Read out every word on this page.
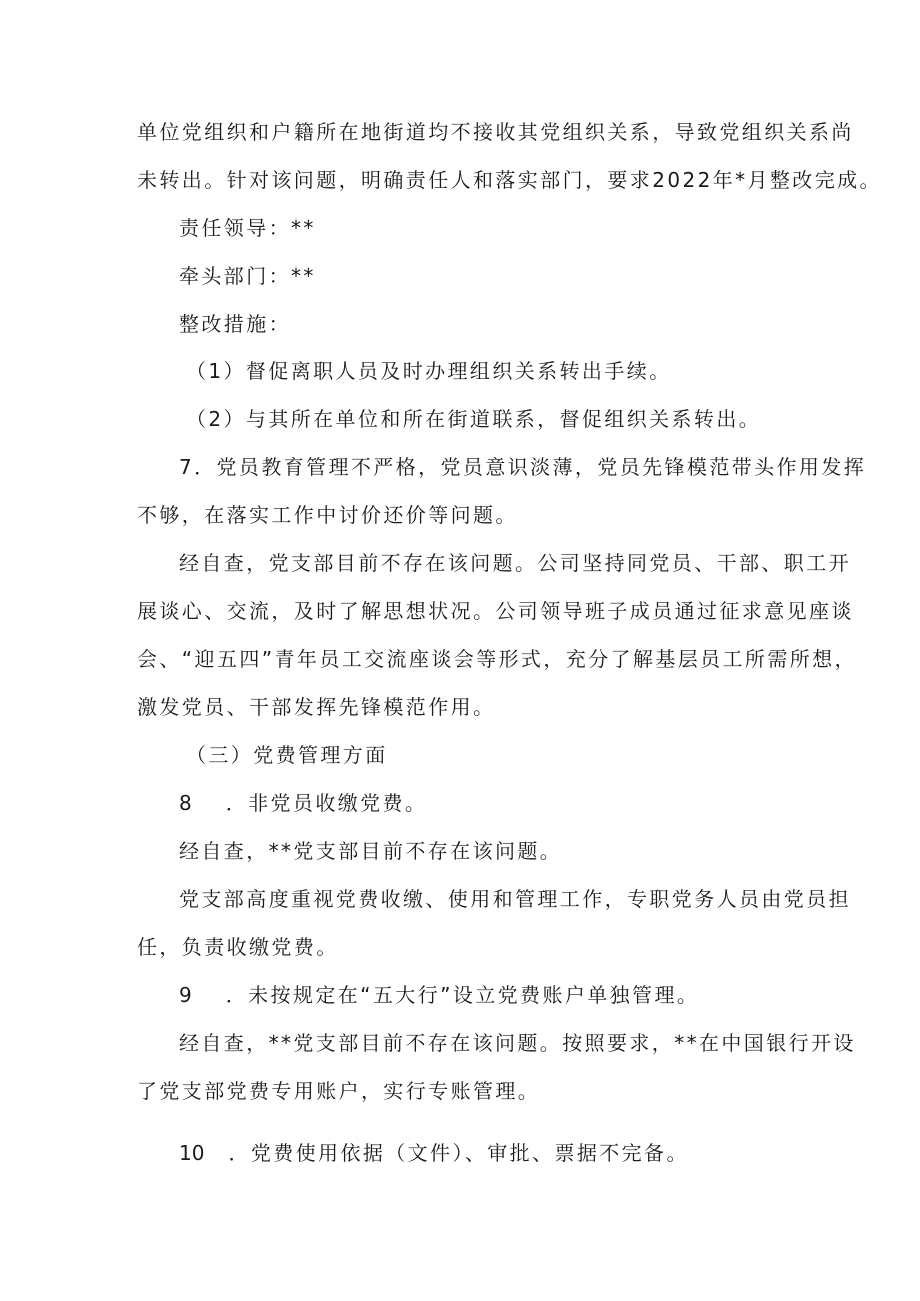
单位党组织和户籍所在地街道均不接收其党组织关系，导致党组织关系尚
未转出。针对该问题，明确责任人和落实部门，要求2022年*月整改完成。
责任领导：**
牵头部门：**
整改措施：
（1）督促离职人员及时办理组织关系转出手续。
（2）与其所在单位和所在街道联系，督促组织关系转出。
7．党员教育管理不严格，党员意识淡薄，党员先锋模范带头作用发挥
不够，在落实工作中讨价还价等问题。
经自查，党支部目前不存在该问题。公司坚持同党员、干部、职工开
展谈心、交流，及时了解思想状况。公司领导班子成员通过征求意见座谈
会、“迎五四”青年员工交流座谈会等形式，充分了解基层员工所需所想，
激发党员、干部发挥先锋模范作用。
（三）党费管理方面
8 ．非党员收缴党费。
经自查，**党支部目前不存在该问题。
党支部高度重视党费收缴、使用和管理工作，专职党务人员由党员担
任，负责收缴党费。
9 ．未按规定在“五大行”设立党费账户单独管理。
经自查，**党支部目前不存在该问题。按照要求，**在中国银行开设
了党支部党费专用账户，实行专账管理。
10 ．党费使用依据（文件）、审批、票据不完备。
